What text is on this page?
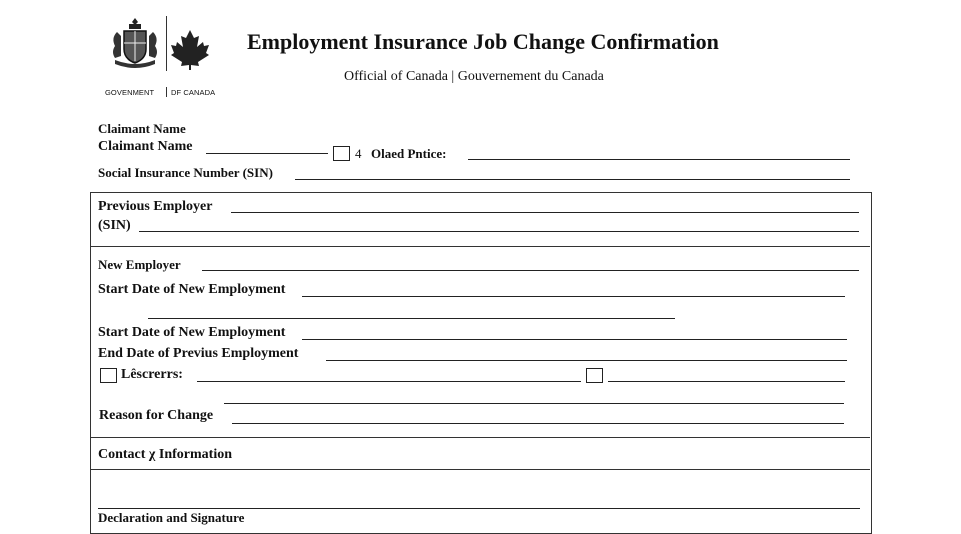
GOVENMENT DF CANADA
Employment Insurance Job Change Confirmation
Official of Canada | Gouvernement du Canada
Claimant Name
Claimant Name	4 Olaed Pntice:
Social Insurance Number (SIN)
Previous Employer
(SIN)
New Employer
Start Date of New Employment
Start Date of New Employment
End Date of Previus Employment
Lêscrerrs:
Reason for Change
Contact χ Information
Declaration and Signature
